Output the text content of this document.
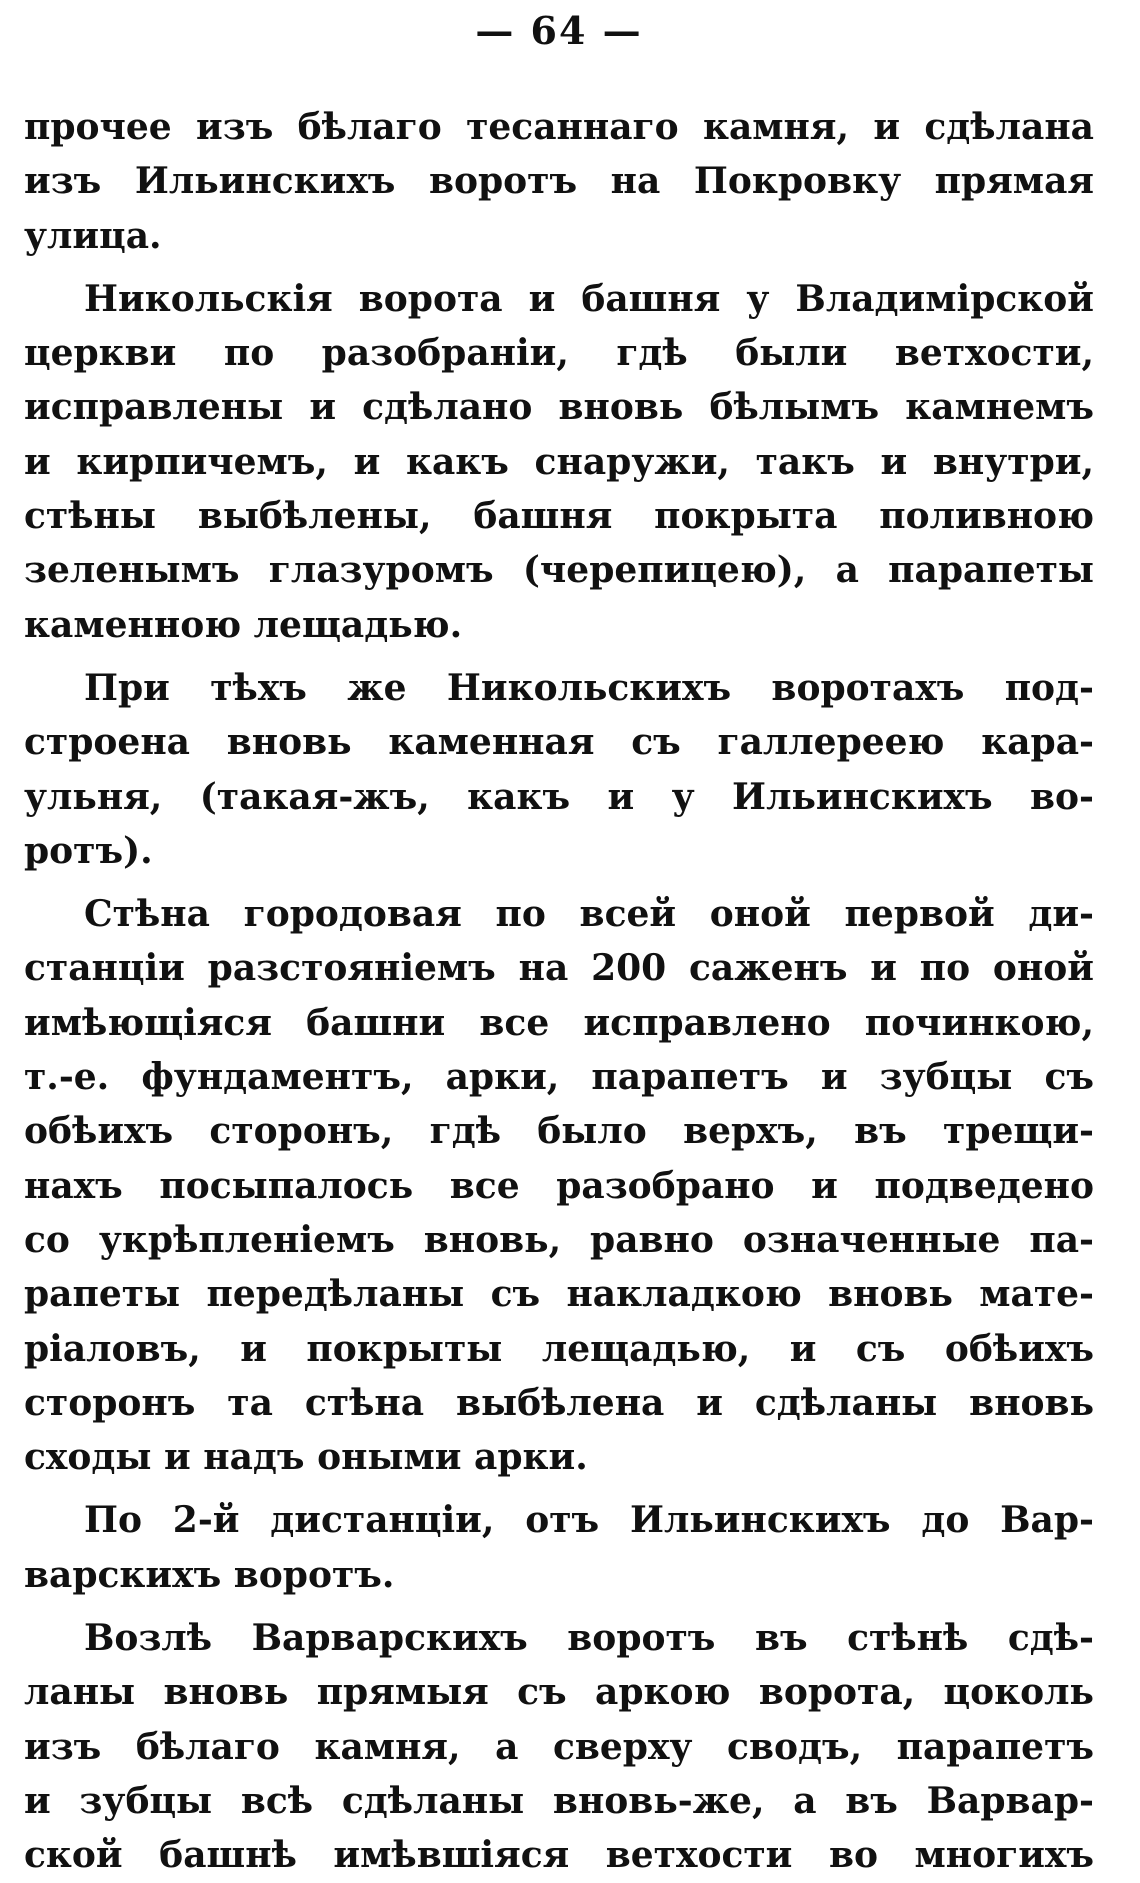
— 64 —
прочее изъ бѣлаго тесаннаго камня, и сдѣлана
изъ Ильинскихъ воротъ на Покровку прямая
улица.
Никольскія ворота и башня у Владимірской
церкви по разобраніи, гдѣ были ветхости,
исправлены и сдѣлано вновь бѣлымъ камнемъ
и кирпичемъ, и какъ снаружи, такъ и внутри,
стѣны выбѣлены, башня покрыта поливною
зеленымъ глазуромъ (черепицею), а парапеты
каменною лещадью.
При тѣхъ же Никольскихъ воротахъ под-
строена вновь каменная съ галлереею кара-
ульня, (такая-жъ, какъ и у Ильинскихъ во-
ротъ).
Стѣна городовая по всей оной первой ди-
станціи разстояніемъ на 200 саженъ и по оной
имѣющіяся башни все исправлено починкою,
т.-е. фундаментъ, арки, парапетъ и зубцы съ
обѣихъ сторонъ, гдѣ было верхъ, въ трещи-
нахъ посыпалось все разобрано и подведено
со укрѣпленіемъ вновь, равно означенные па-
рапеты передѣланы съ накладкою вновь мате-
ріаловъ, и покрыты лещадью, и съ обѣихъ
сторонъ та стѣна выбѣлена и сдѣланы вновь
сходы и надъ оными арки.
По 2-й дистанціи, отъ Ильинскихъ до Вар-
варскихъ воротъ.
Возлѣ Варварскихъ воротъ въ стѣнѣ сдѣ-
ланы вновь прямыя съ аркою ворота, цоколь
изъ бѣлаго камня, а сверху сводъ, парапетъ
и зубцы всѣ сдѣланы вновь-же, а въ Варвар-
ской башнѣ имѣвшіяся ветхости во многихъ
